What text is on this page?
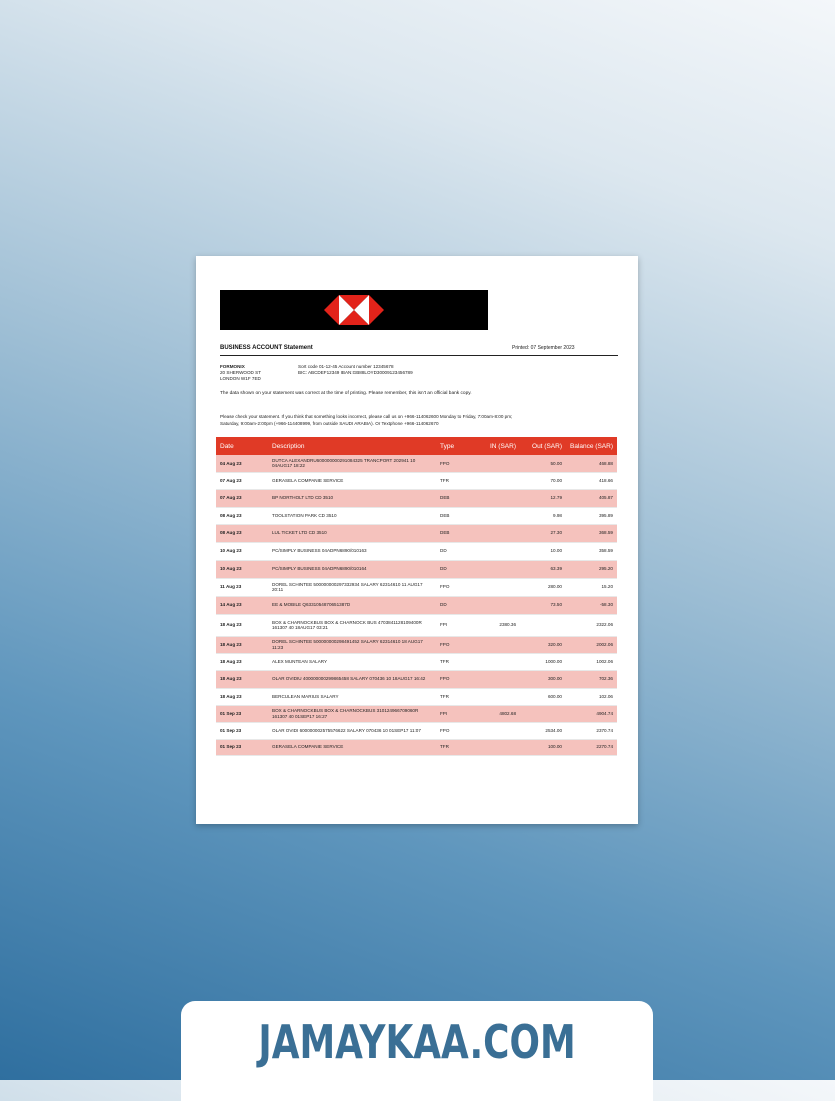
BUSINESS ACCOUNT Statement	Printed: 07 September 2023
FORMONIX
20 SHERWOOD ST
LONDON W1F 7ED
Sort code 01-12-45 Account number 12345678
BIC: ABCDEF12349 IBAN:GB88LOYD30009123456789
The data shown on your statement was correct at the time of printing. Please remember, this isn't an official bank copy.
Please check your statement. If you think that something looks incorrect, please call us on +966-114062600 Monday to Friday, 7:00am-8:00 pm; Saturday, 9:00am-2:00pm (+966-114408999, from outside SAUDI ARABIA). Or Textphone +966-114062670
Date	Description	Type	IN (SAR)	Out (SAR)	Balance (SAR)
04 Aug 23	DUTCA ALEXANDRU600000000291084325 TRANCPORT 202941 10 04AUG17 18:22	FPO		50.00	468.88
07 Aug 23	GERASELA COMPANIE SERVICE	TFR		70.00	418.66
07 Aug 23	BP NORTHOLT LTD CD 3510	DEB		12.79	405.87
08 Aug 23	TOOLSTATION PARK CD 3510	DEB		9.98	395.89
08 Aug 23	LUL TICKET LTD CD 3510	DEB		27.30	368.59
10 Aug 23	PC/SIMPLY BUSINESS 04ADPN6890/010163	DD		10.00	358.59
10 Aug 23	PC/SIMPLY BUSINESS 04ADPN6890/010164	DD		63.39	295.20
11 Aug 23	DOREL SCHINTEE 500000000297332934 SALARY 62314610 11 AUG17 20:11	FPO		280.00	15.20
14 Aug 23	EE & MOBILE Q6331054870651387D	DD		73.50	-58.30
18 Aug 23	BOX & CHARNOCKBUS BOX & CHARNOCK BUS 4703841128109400R 161307 40 18AUG17 03:21	FPI	2380.36		2322.06
18 Aug 23	DOREL SCHINTEE 500000000298491452 SALARY 62314610 18 AUG17 11:23	FPO		320.00	2002.06
18 Aug 23	ALEX MUNTEAN SALARY	TFR		1000.00	1002.06
18 Aug 23	OLAR OVIDIU 400000000299865458 SALARY 070436 10 18AUG17 16:42	FPO		300.00	702.36
18 Aug 23	BERCULEAN MARIUS SALARY	TFR		600.00	102.06
01 Sep 23	BOX & CHARNOCKBUS BOX & CHARNOCKBUS 310124966709060R 161307 40 01SEP17 16:27	FPI	4802.68		4904.74
01 Sep 23	OLAR OVIDI 600000002575576622 SALARY 070436 10 01SEP17 11:07	FPO		2534.00	2370.74
01 Sep 23	GERASELA COMPANIE SERVICE	TFR		100.00	2270.74
JAMAYKAA.COM
